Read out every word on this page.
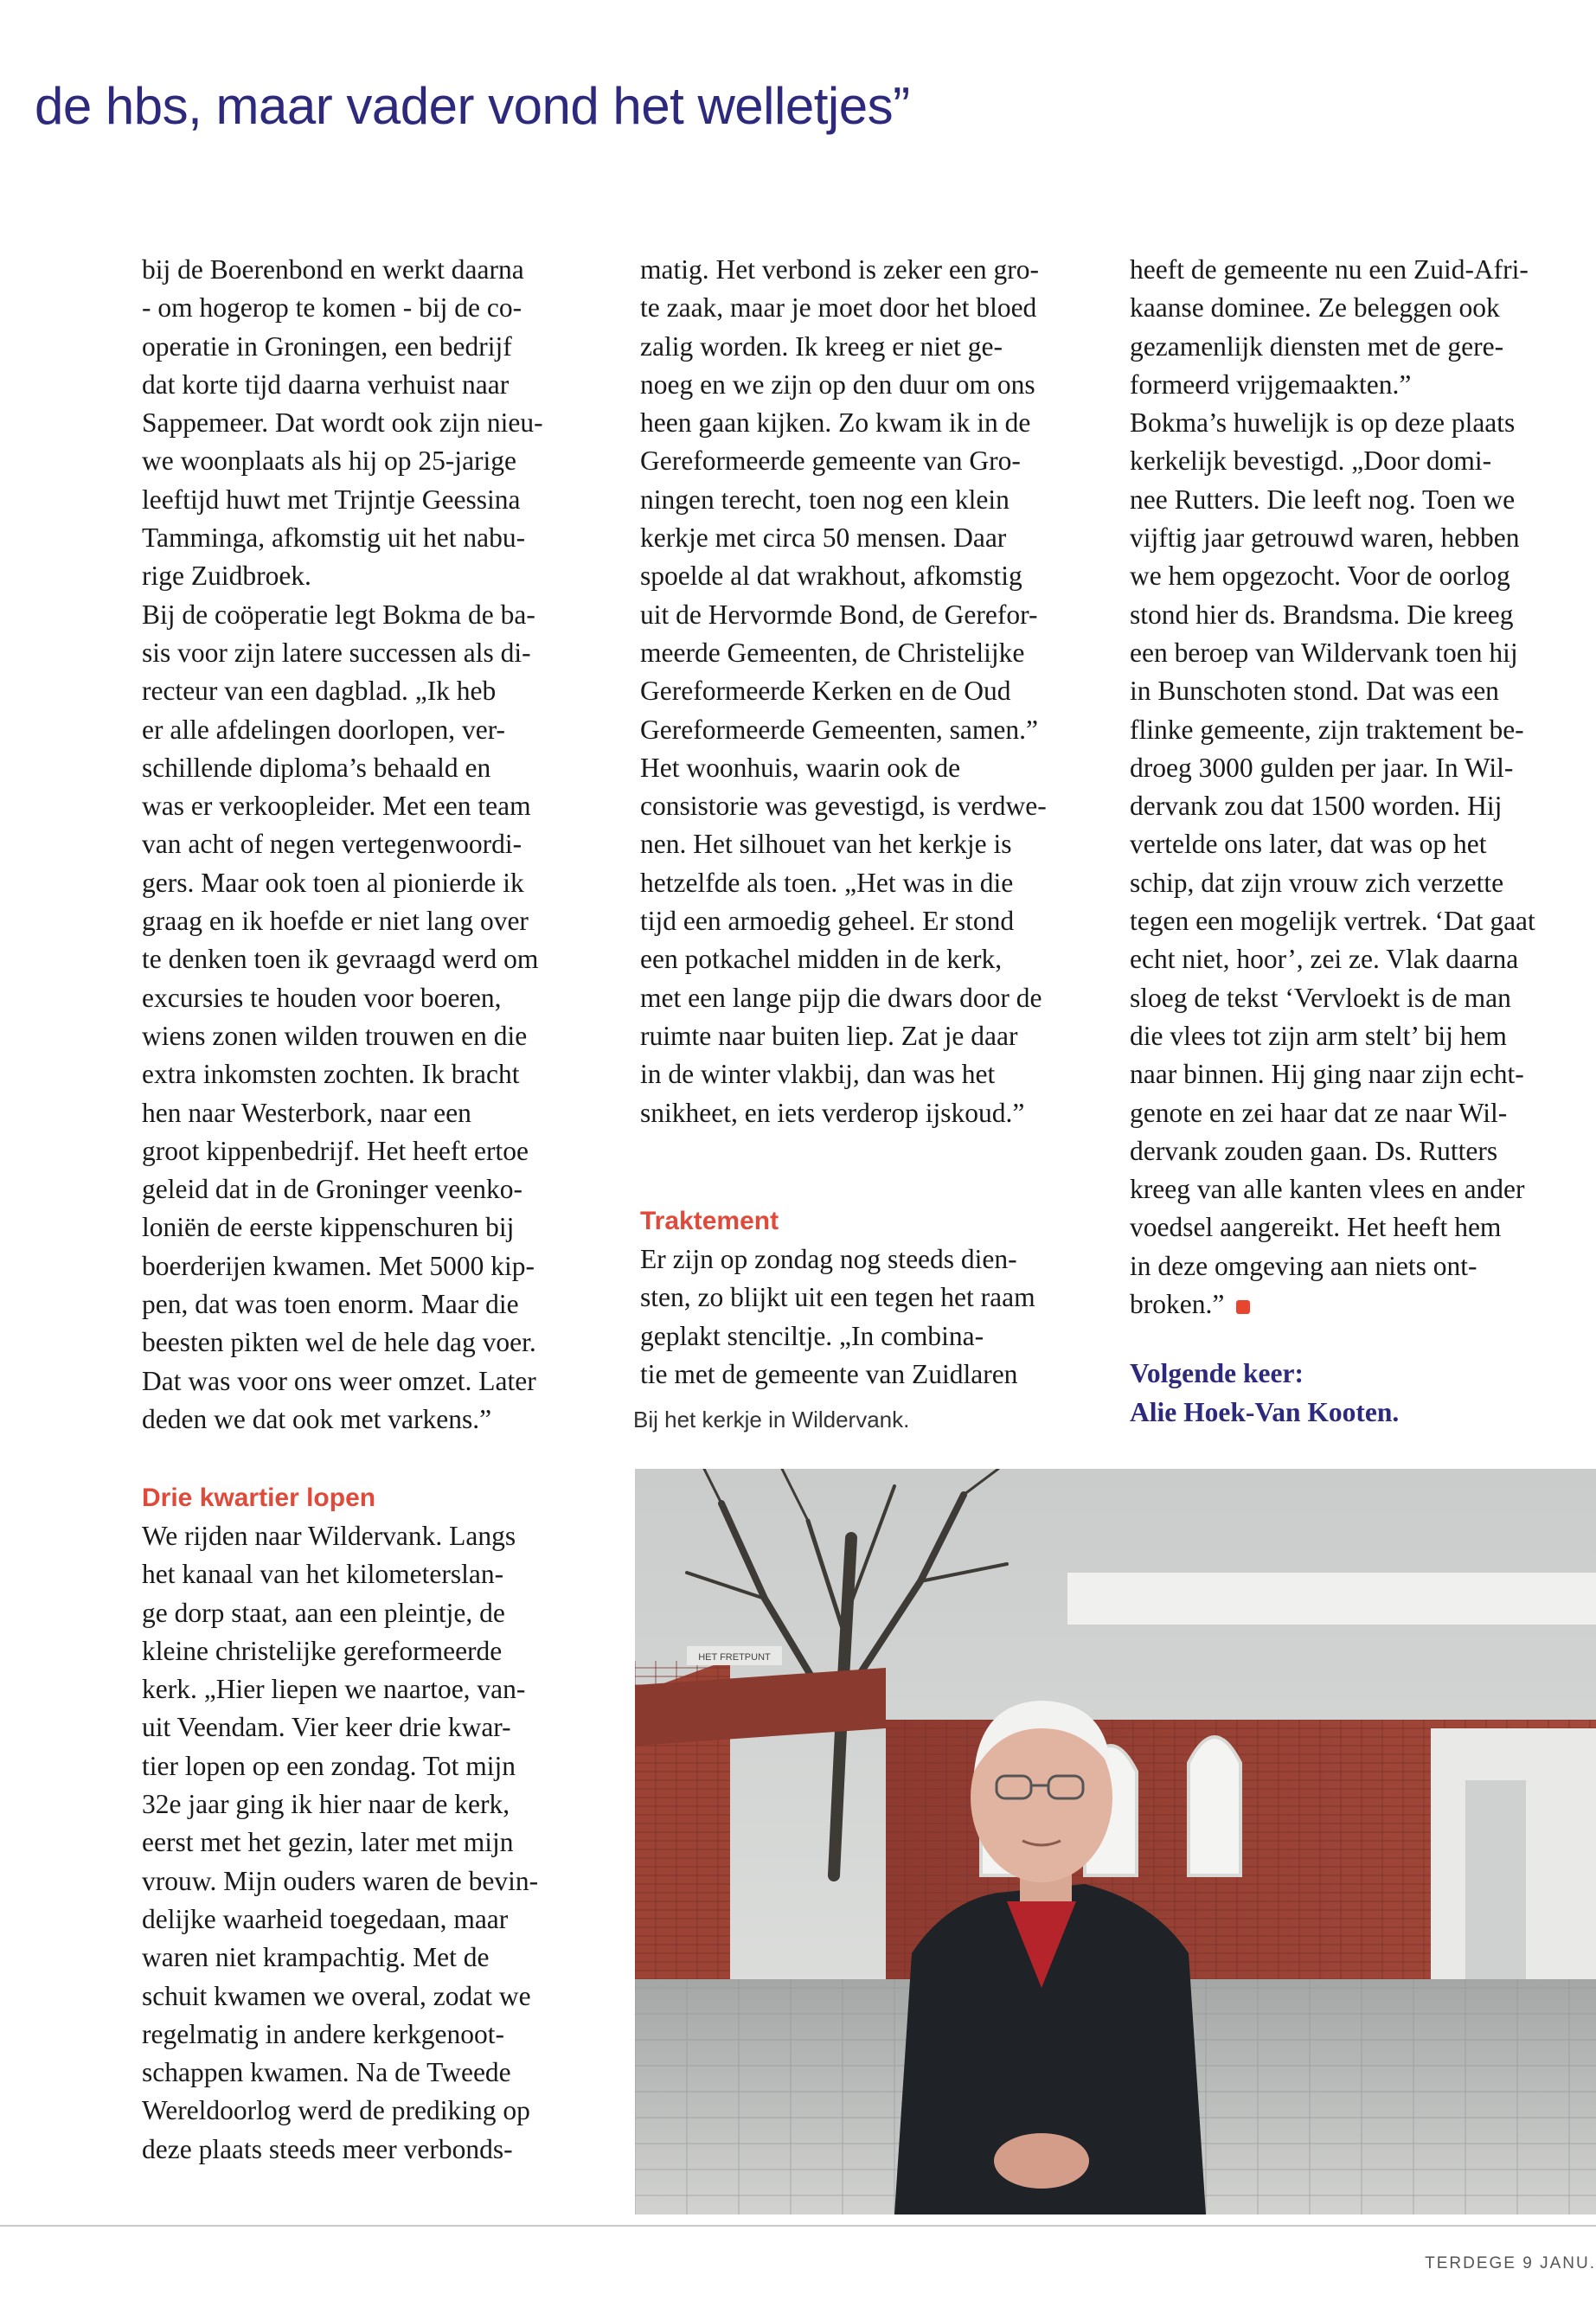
de hbs, maar vader vond het welletjes”
bij de Boerenbond en werkt daarna
- om hogerop te komen - bij de co-
operatie in Groningen, een bedrijf
dat korte tijd daarna verhuist naar
Sappemeer. Dat wordt ook zijn nieu-
we woonplaats als hij op 25-jarige
leeftijd huwt met Trijntje Geessina
Tamminga, afkomstig uit het nabu-
rige Zuidbroek.
Bij de coöperatie legt Bokma de ba-
sis voor zijn latere successen als di-
recteur van een dagblad. „Ik heb
er alle afdelingen doorlopen, ver-
schillende diploma’s behaald en
was er verkoopleider. Met een team
van acht of negen vertegenwoordi-
gers. Maar ook toen al pionierde ik
graag en ik hoefde er niet lang over
te denken toen ik gevraagd werd om
excursies te houden voor boeren,
wiens zonen wilden trouwen en die
extra inkomsten zochten. Ik bracht
hen naar Westerbork, naar een
groot kippenbedrijf. Het heeft ertoe
geleid dat in de Groninger veenko-
loniën de eerste kippenschuren bij
boerderijen kwamen. Met 5000 kip-
pen, dat was toen enorm. Maar die
beesten pikten wel de hele dag voer.
Dat was voor ons weer omzet. Later
deden we dat ook met varkens.”
Drie kwartier lopen
We rijden naar Wildervank. Langs
het kanaal van het kilometerslan-
ge dorp staat, aan een pleintje, de
kleine christelijke gereformeerde
kerk. „Hier liepen we naartoe, van-
uit Veendam. Vier keer drie kwar-
tier lopen op een zondag. Tot mijn
32e jaar ging ik hier naar de kerk,
eerst met het gezin, later met mijn
vrouw. Mijn ouders waren de bevin-
delijke waarheid toegedaan, maar
waren niet krampachtig. Met de
schuit kwamen we overal, zodat we
regelmatig in andere kerkgenoot-
schappen kwamen. Na de Tweede
Wereldoorlog werd de prediking op
deze plaats steeds meer verbonds-
matig. Het verbond is zeker een gro-
te zaak, maar je moet door het bloed
zalig worden. Ik kreeg er niet ge-
noeg en we zijn op den duur om ons
heen gaan kijken. Zo kwam ik in de
Gereformeerde gemeente van Gro-
ningen terecht, toen nog een klein
kerkje met circa 50 mensen. Daar
spoelde al dat wrakhout, afkomstig
uit de Hervormde Bond, de Gerefor-
meerde Gemeenten, de Christelijke
Gereformeerde Kerken en de Oud
Gereformeerde Gemeenten, samen.”
Het woonhuis, waarin ook de
consistorie was gevestigd, is verdwe-
nen. Het silhouet van het kerkje is
hetzelfde als toen. „Het was in die
tijd een armoedig geheel. Er stond
een potkachel midden in de kerk,
met een lange pijp die dwars door de
ruimte naar buiten liep. Zat je daar
in de winter vlakbij, dan was het
snikheet, en iets verderop ijskoud.”
Traktement
Er zijn op zondag nog steeds dien-
sten, zo blijkt uit een tegen het raam
geplakt stenciltje. „In combina-
tie met de gemeente van Zuidlaren
heeft de gemeente nu een Zuid-Afri-
kaanse dominee. Ze beleggen ook
gezamenlijk diensten met de gere-
formeerd vrijgemaakten.”
Bokma’s huwelijk is op deze plaats
kerkelijk bevestigd. „Door domi-
nee Rutters. Die leeft nog. Toen we
vijftig jaar getrouwd waren, hebben
we hem opgezocht. Voor de oorlog
stond hier ds. Brandsma. Die kreeg
een beroep van Wildervank toen hij
in Bunschoten stond. Dat was een
flinke gemeente, zijn traktement be-
droeg 3000 gulden per jaar. In Wil-
dervank zou dat 1500 worden. Hij
vertelde ons later, dat was op het
schip, dat zijn vrouw zich verzette
tegen een mogelijk vertrek. ‘Dat gaat
echt niet, hoor’, zei ze. Vlak daarna
sloeg de tekst ‘Vervloekt is de man
die vlees tot zijn arm stelt’ bij hem
naar binnen. Hij ging naar zijn echt-
genote en zei haar dat ze naar Wil-
dervank zouden gaan. Ds. Rutters
kreeg van alle kanten vlees en ander
voedsel aangereikt. Het heeft hem
in deze omgeving aan niets ont-
broken.”
Volgende keer:
Alie Hoek-Van Kooten.
Bij het kerkje in Wildervank.
HET FRETPUNT
TERDEGE 9 JANU.
